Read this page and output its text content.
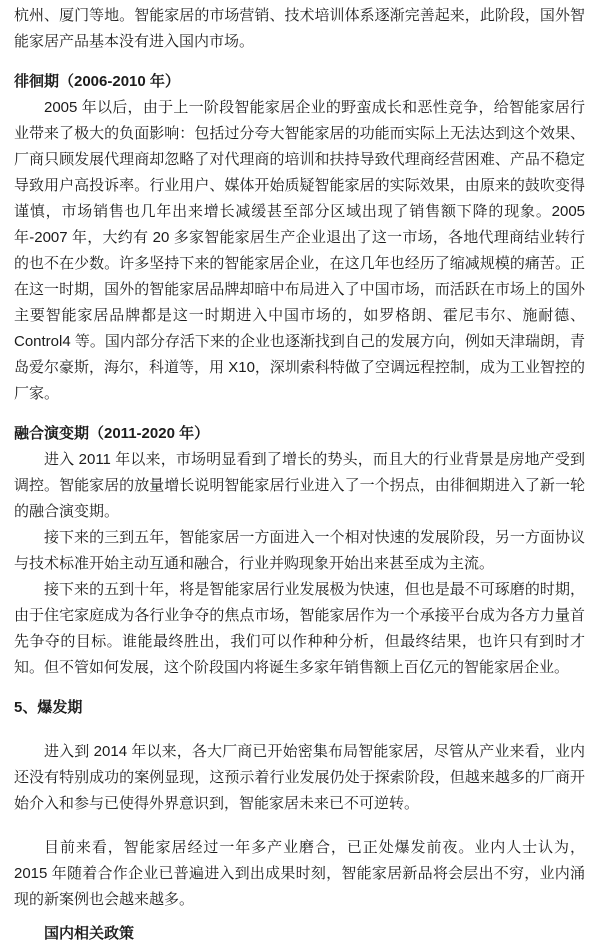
杭州、厦门等地。智能家居的市场营销、技术培训体系逐渐完善起来，此阶段，国外智能家居产品基本没有进入国内市场。

徘徊期（2006-2010 年）

2005 年以后，由于上一阶段智能家居企业的野蛮成长和恶性竞争，给智能家居行业带来了极大的负面影响：包括过分夸大智能家居的功能而实际上无法达到这个效果、厂商只顾发展代理商却忽略了对代理商的培训和扶持导致代理商经营困难、产品不稳定导致用户高投诉率。行业用户、媒体开始质疑智能家居的实际效果，由原来的鼓吹变得谨慎，市场销售也几年出来增长减缓甚至部分区域出现了销售额下降的现象。2005 年-2007 年，大约有 20 多家智能家居生产企业退出了这一市场，各地代理商结业转行的也不在少数。许多坚持下来的智能家居企业，在这几年也经历了缩减规模的痛苦。正在这一时期，国外的智能家居品牌却暗中布局进入了中国市场，而活跃在市场上的国外主要智能家居品牌都是这一时期进入中国市场的，如罗格朗、霍尼韦尔、施耐德、Control4 等。国内部分存活下来的企业也逐渐找到自己的发展方向，例如天津瑞朗，青岛爱尔豪斯，海尔，科道等，用 X10，深圳索科特做了空调远程控制，成为工业智控的厂家。

融合演变期（2011-2020 年）

进入 2011 年以来，市场明显看到了增长的势头，而且大的行业背景是房地产受到调控。智能家居的放量增长说明智能家居行业进入了一个拐点，由徘徊期进入了新一轮的融合演变期。

接下来的三到五年，智能家居一方面进入一个相对快速的发展阶段，另一方面协议与技术标准开始主动互通和融合，行业并购现象开始出来甚至成为主流。

接下来的五到十年，将是智能家居行业发展极为快速，但也是最不可琢磨的时期，由于住宅家庭成为各行业争夺的焦点市场，智能家居作为一个承接平台成为各方力量首先争夺的目标。谁能最终胜出，我们可以作种种分析，但最终结果，也许只有到时才知。但不管如何发展，这个阶段国内将诞生多家年销售额上百亿元的智能家居企业。

5、爆发期

进入到 2014 年以来，各大厂商已开始密集布局智能家居，尽管从产业来看，业内还没有特别成功的案例显现，这预示着行业发展仍处于探索阶段，但越来越多的厂商开始介入和参与已使得外界意识到，智能家居未来已不可逆转。

目前来看，智能家居经过一年多产业磨合，已正处爆发前夜。业内人士认为，2015 年随着合作企业已普遍进入到出成果时刻，智能家居新品将会层出不穷，业内涌现的新案例也会越来越多。

国内相关政策
